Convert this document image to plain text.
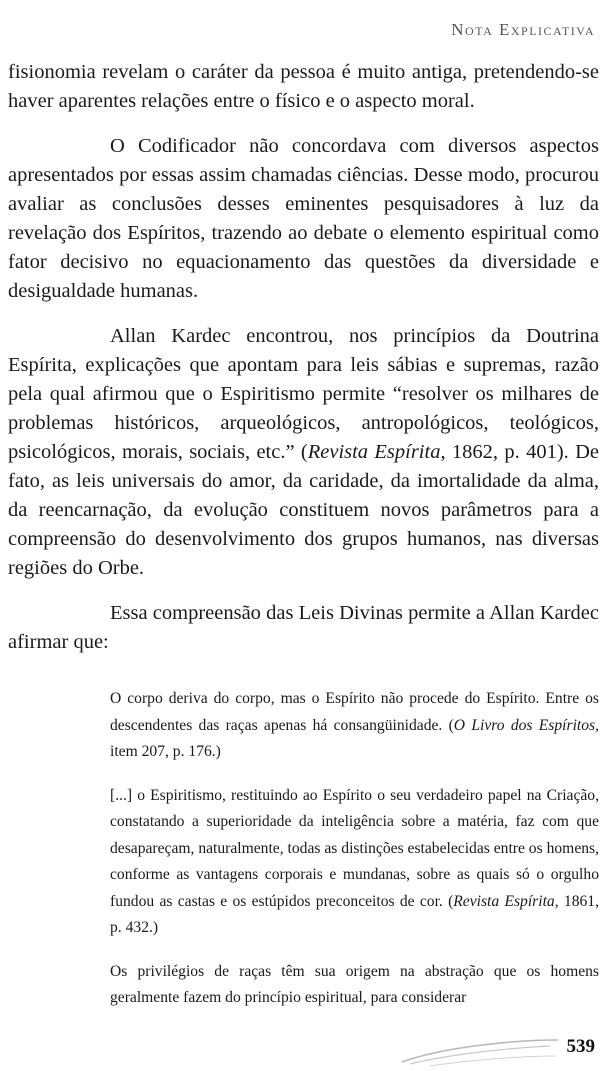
Nota Explicativa

fisionomia revelam o caráter da pessoa é muito antiga, pretendendo-se haver aparentes relações entre o físico e o aspecto moral.

O Codificador não concordava com diversos aspectos apresentados por essas assim chamadas ciências. Desse modo, procurou avaliar as conclusões desses eminentes pesquisadores à luz da revelação dos Espíritos, trazendo ao debate o elemento espiritual como fator decisivo no equacionamento das questões da diversidade e desigualdade humanas.

Allan Kardec encontrou, nos princípios da Doutrina Espírita, explicações que apontam para leis sábias e supremas, razão pela qual afirmou que o Espiritismo permite “resolver os milhares de problemas históricos, arqueológicos, antropológicos, teológicos, psicológicos, morais, sociais, etc.” (Revista Espírita, 1862, p. 401). De fato, as leis universais do amor, da caridade, da imortalidade da alma, da reencarnação, da evolução constituem novos parâmetros para a compreensão do desenvolvimento dos grupos humanos, nas diversas regiões do Orbe.

Essa compreensão das Leis Divinas permite a Allan Kardec afirmar que:

O corpo deriva do corpo, mas o Espírito não procede do Espírito. Entre os descendentes das raças apenas há consangüinidade. (O Livro dos Espíritos, item 207, p. 176.)

[...] o Espiritismo, restituindo ao Espírito o seu verdadeiro papel na Criação, constatando a superioridade da inteligência sobre a matéria, faz com que desapareçam, naturalmente, todas as distinções estabelecidas entre os homens, conforme as vantagens corporais e mundanas, sobre as quais só o orgulho fundou as castas e os estúpidos preconceitos de cor. (Revista Espírita, 1861, p. 432.)

Os privilégios de raças têm sua origem na abstração que os homens geralmente fazem do princípio espiritual, para considerar

539
